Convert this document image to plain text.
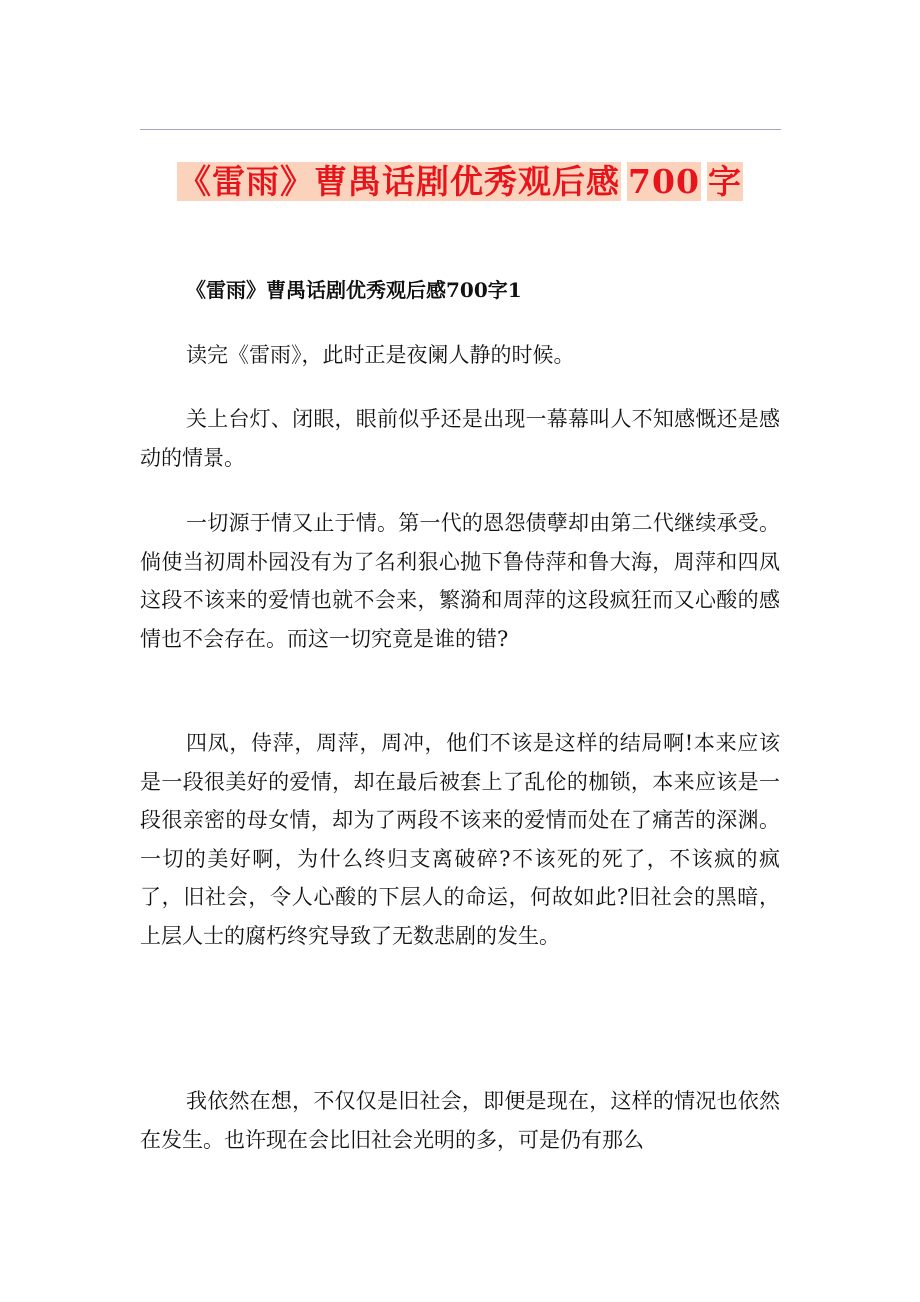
《雷雨》曹禺话剧优秀观后感 700 字
《雷雨》曹禺话剧优秀观后感700字1

读完《雷雨》，此时正是夜阑人静的时候。

关上台灯、闭眼，眼前似乎还是出现一幕幕叫人不知感慨还是感动的情景。

一切源于情又止于情。第一代的恩怨债孽却由第二代继续承受。倘使当初周朴园没有为了名利狠心抛下鲁侍萍和鲁大海，周萍和四凤这段不该来的爱情也就不会来，繁漪和周萍的这段疯狂而又心酸的感情也不会存在。而这一切究竟是谁的错?

四凤，侍萍，周萍，周冲，他们不该是这样的结局啊!本来应该是一段很美好的爱情，却在最后被套上了乱伦的枷锁，本来应该是一段很亲密的母女情，却为了两段不该来的爱情而处在了痛苦的深渊。一切的美好啊，为什么终归支离破碎?不该死的死了，不该疯的疯了，旧社会，令人心酸的下层人的命运，何故如此?旧社会的黑暗，上层人士的腐朽终究导致了无数悲剧的发生。

我依然在想，不仅仅是旧社会，即便是现在，这样的情况也依然在发生。也许现在会比旧社会光明的多，可是仍有那么
